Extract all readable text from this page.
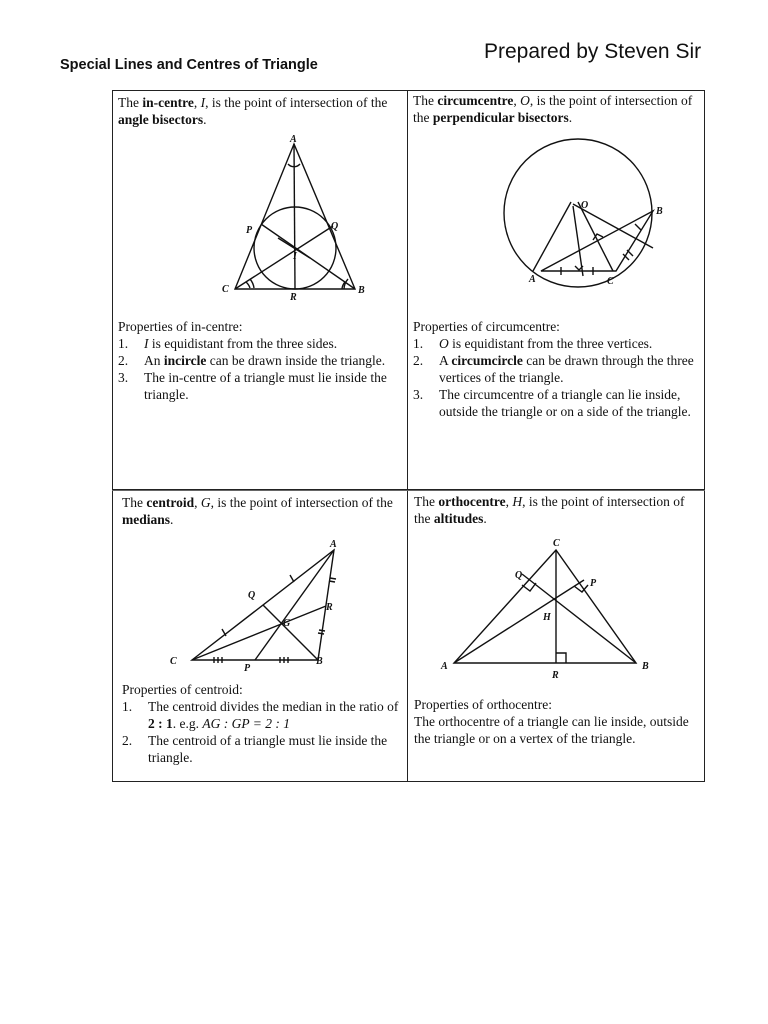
Special Lines and Centres of Triangle
Prepared by Steven Sir
The in-centre, I, is the point of intersection of the angle bisectors.
A
B
C
P	Q
R
I

Properties of in-centre:

1. I is equidistant from the three sides.
2. An incircle can be drawn inside the triangle.
3. The in-centre of a triangle must lie inside the triangle.
The circumcentre, O, is the point of intersection of the perpendicular bisectors.
A
B
C
O

Properties of circumcentre:

1. O is equidistant from the three vertices.
2. A circumcircle can be drawn through the three vertices of the triangle.
3. The circumcentre of a triangle can lie inside, outside the triangle or on a side of the triangle.
The centroid, G, is the point of intersection of the medians.
A
B
C
P
Q
R
G

Properties of centroid:

1. The centroid divides the median in the ratio of 2 : 1. e.g. AG : GP = 2 : 1
2. The centroid of a triangle must lie inside the triangle.
The orthocentre, H, is the point of intersection of the altitudes.
A	B
C
P
Q
R
H

Properties of orthocentre:

The orthocentre of a triangle can lie inside, outside the triangle or on a vertex of the triangle.
